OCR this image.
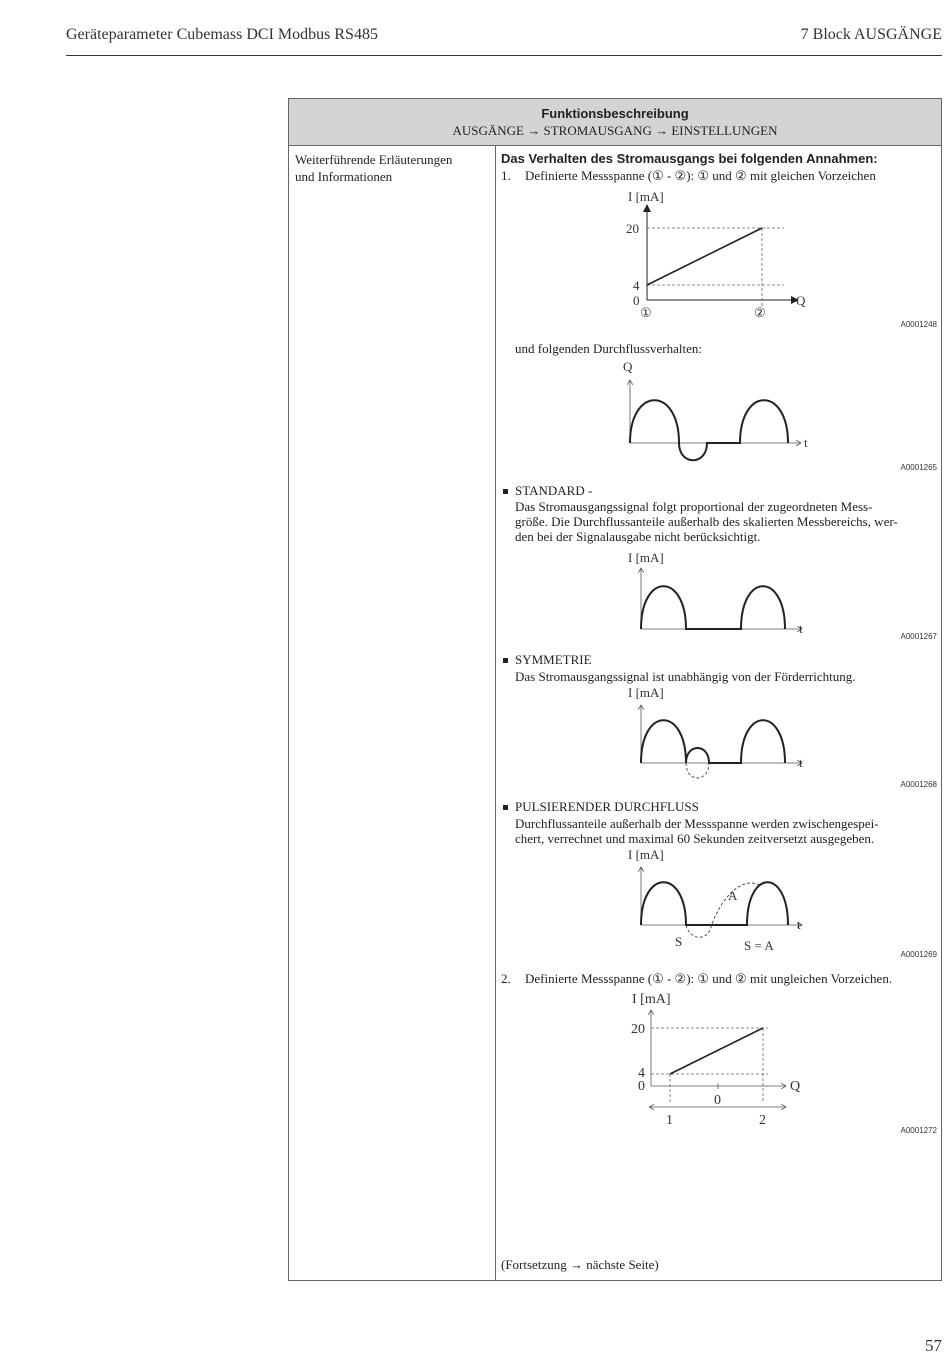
Geräteparameter Cubemass DCI Modbus RS485	7 Block AUSGÄNGE
Funktionsbeschreibung
AUSGÄNGE → STROMAUSGANG → EINSTELLUNGEN
Weiterführende Erläuterungen
und Informationen
Das Verhalten des Stromausgangs bei folgenden Annahmen:
1. Definierte Messspanne (① - ②): ① und ② mit gleichen Vorzeichen
I [mA]
20
4
0	Q
①	②
A0001248
und folgenden Durchflussverhalten:
Q
t
A0001265
STANDARD -
Das Stromausgangssignal folgt proportional der zugeordneten Mess-
größe. Die Durchflussanteile außerhalb des skalierten Messbereichs, wer-
den bei der Signalausgabe nicht berücksichtigt.
I [mA]
t
A0001267
SYMMETRIE
Das Stromausgangssignal ist unabhängig von der Förderrichtung.
I [mA]
t
A0001268
PULSIERENDER DURCHFLUSS
Durchflussanteile außerhalb der Messspanne werden zwischengespei-
chert, verrechnet und maximal 60 Sekunden zeitversetzt ausgegeben.
I [mA]
t
A
S	S = A
A0001269
2. Definierte Messspanne (① - ②): ① und ② mit ungleichen Vorzeichen.
I [mA]
20
4
0	Q
0
1	2
A0001272
(Fortsetzung → nächste Seite)
57
